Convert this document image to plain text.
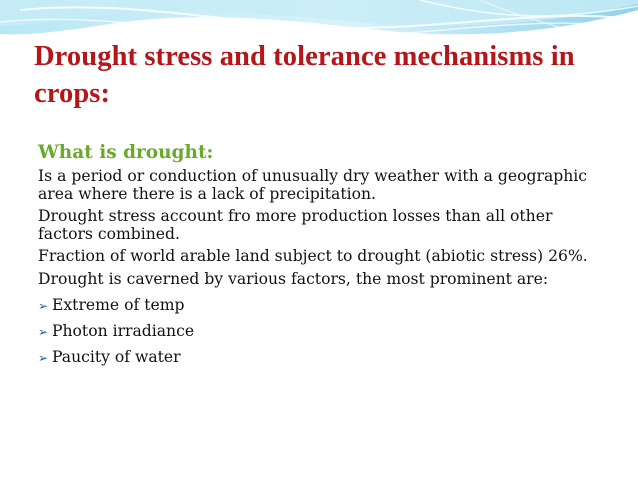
Drought stress and tolerance mechanisms in crops:
What is drought:
Is a period or conduction of unusually dry weather with a geographic area where there is a lack of precipitation.
Drought stress account fro more production losses than all other factors combined.
Fraction of world arable land subject to drought (abiotic stress) 26%.
Drought is caverned by various factors, the most prominent are:
➢ Extreme of temp
➢ Photon irradiance
➢ Paucity of water
